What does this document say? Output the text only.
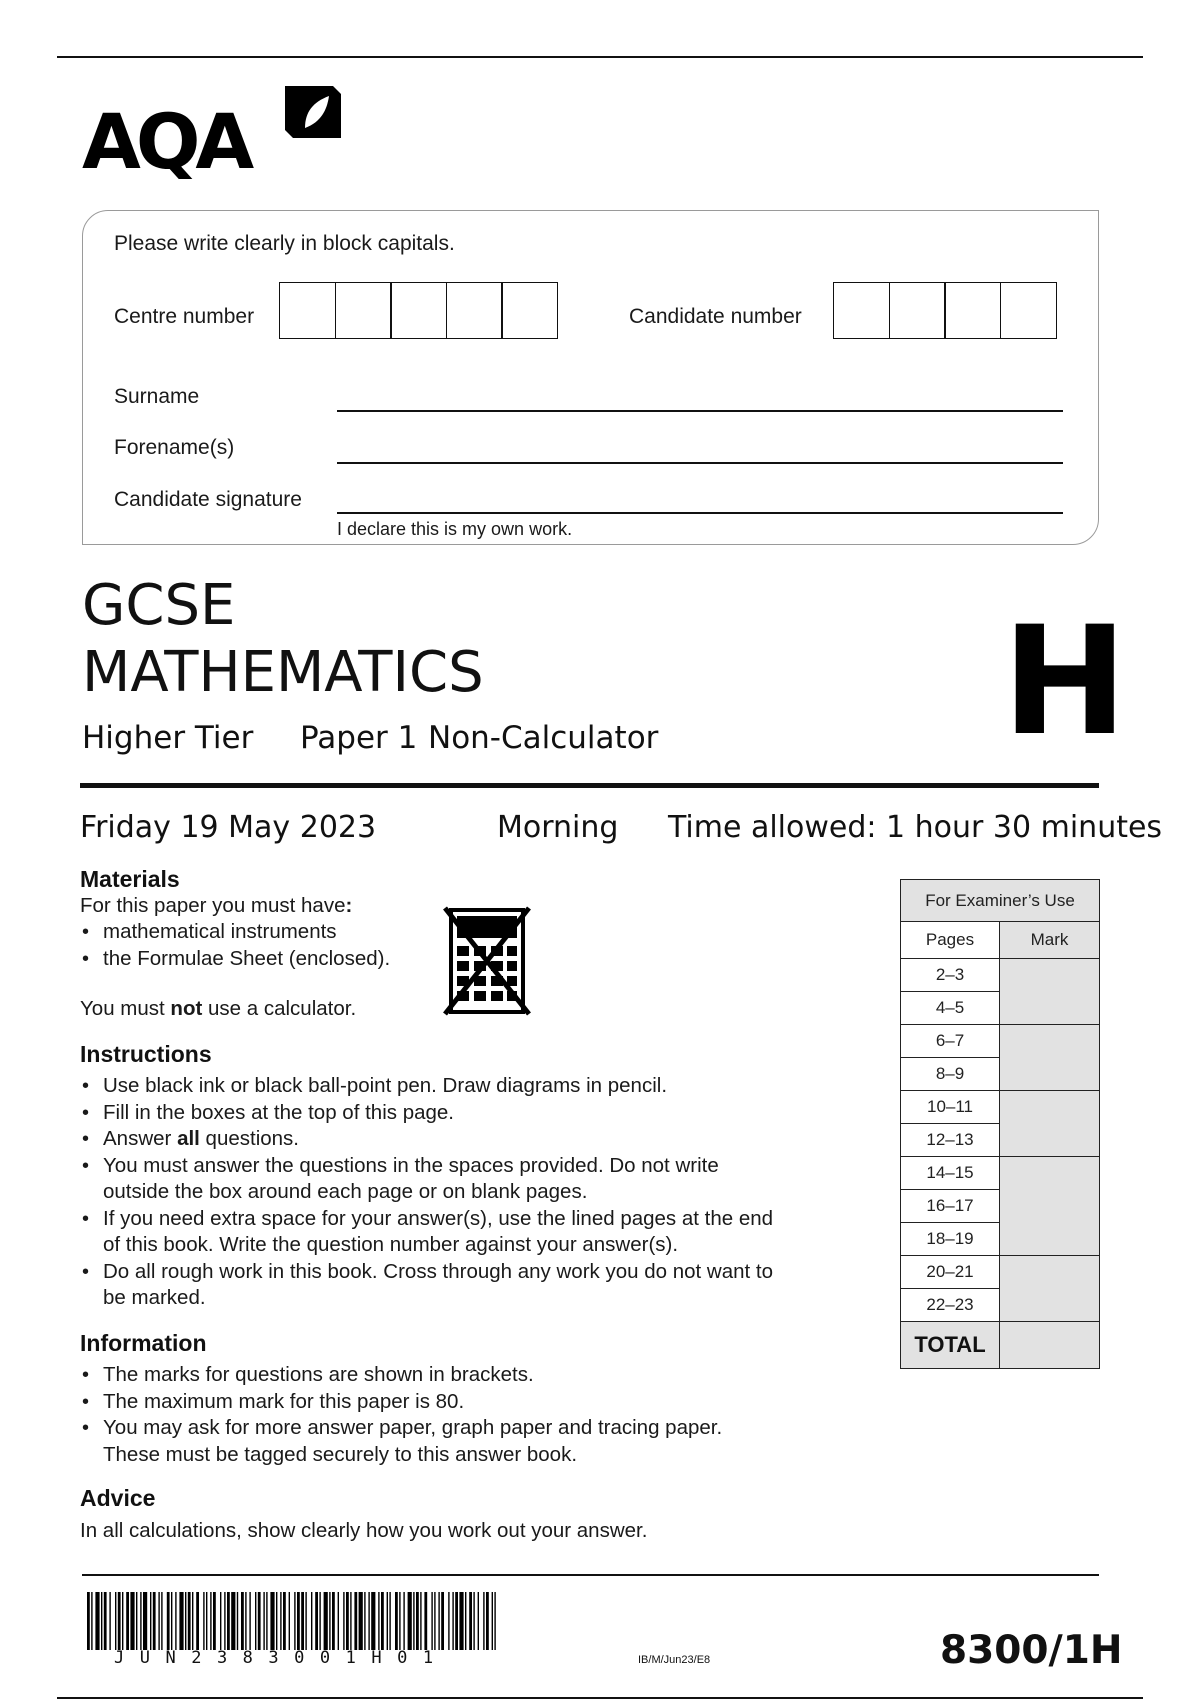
AQA
Please write clearly in block capitals.
Centre number	Candidate number
Surname
Forename(s)
Candidate signature
I declare this is my own work.
GCSE
MATHEMATICS
Higher Tier Paper 1 Non-Calculator H
Friday 19 May 2023	Morning Time allowed: 1 hour 30 minutes
Materials
For this paper you must have:
• mathematical instruments
• the Formulae Sheet (enclosed).
You must not use a calculator.
Instructions
• Use black ink or black ball-point pen. Draw diagrams in pencil.
• Fill in the boxes at the top of this page.
• Answer all questions.
• You must answer the questions in the spaces provided. Do not write
outside the box around each page or on blank pages.
• If you need extra space for your answer(s), use the lined pages at the end
of this book. Write the question number against your answer(s).
• Do all rough work in this book. Cross through any work you do not want to
be marked.
Information
• The marks for questions are shown in brackets.
• The maximum mark for this paper is 80.
• You may ask for more answer paper, graph paper and tracing paper.
These must be tagged securely to this answer book.
Advice
In all calculations, show clearly how you work out your answer.
For Examiner’s Use	
Pages	Mark
2–3	
4–5	
6–7	
8–9	
10–11	
12–13	
14–15	
16–17	
18–19	
20–21	
22–23	
TOTAL	
JUN2383001H01	IB/M/Jun23/E8	8300/1H
